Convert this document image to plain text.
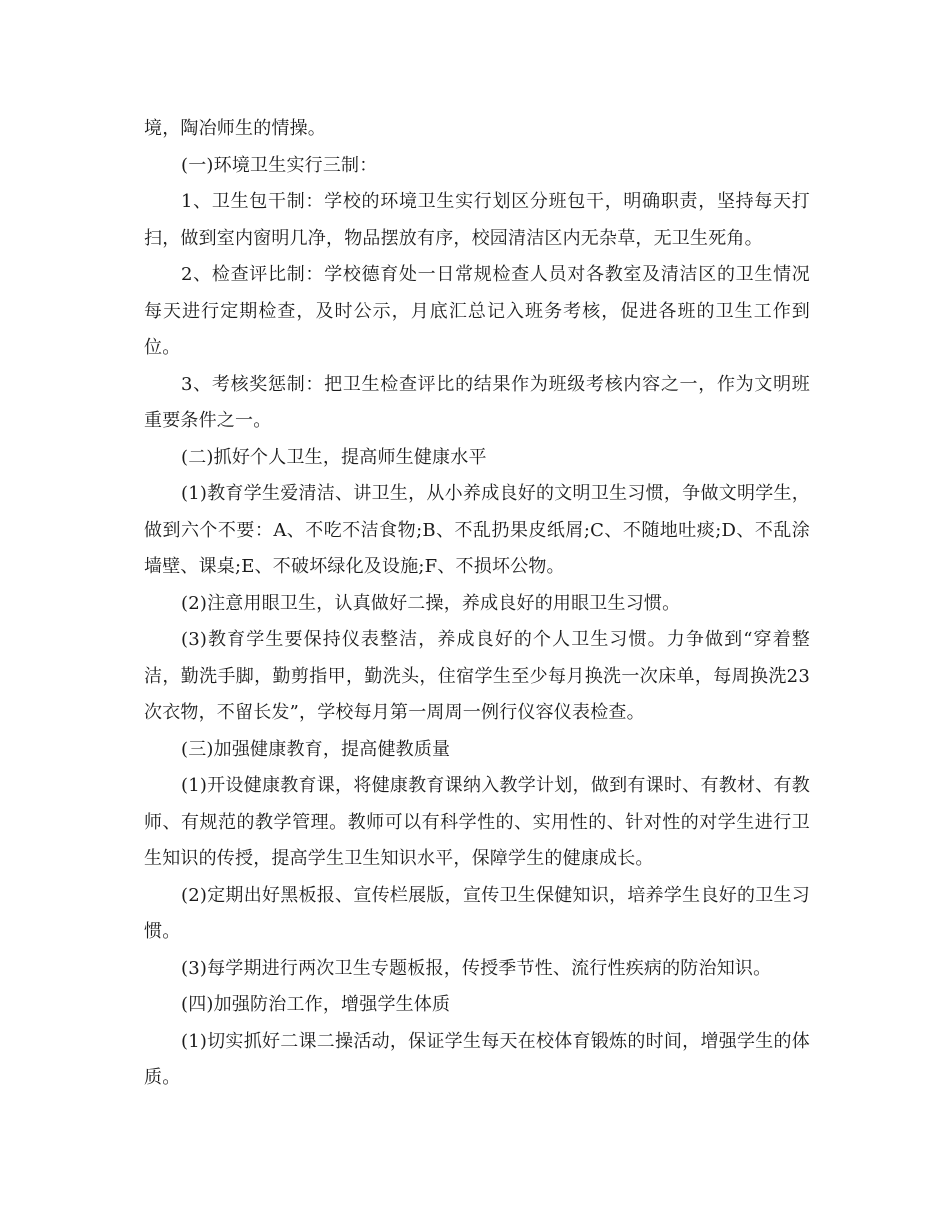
境，陶冶师生的情操。

(一)环境卫生实行三制：

1、卫生包干制：学校的环境卫生实行划区分班包干，明确职责，坚持每天打扫，做到室内窗明几净，物品摆放有序，校园清洁区内无杂草，无卫生死角。

2、检查评比制：学校德育处一日常规检查人员对各教室及清洁区的卫生情况每天进行定期检查，及时公示，月底汇总记入班务考核，促进各班的卫生工作到位。

3、考核奖惩制：把卫生检查评比的结果作为班级考核内容之一，作为文明班重要条件之一。

(二)抓好个人卫生，提高师生健康水平

(1)教育学生爱清洁、讲卫生，从小养成良好的文明卫生习惯，争做文明学生，做到六个不要：A、不吃不洁食物;B、不乱扔果皮纸屑;C、不随地吐痰;D、不乱涂墙壁、课桌;E、不破坏绿化及设施;F、不损坏公物。

(2)注意用眼卫生，认真做好二操，养成良好的用眼卫生习惯。

(3)教育学生要保持仪表整洁，养成良好的个人卫生习惯。力争做到“穿着整洁，勤洗手脚，勤剪指甲，勤洗头，住宿学生至少每月换洗一次床单，每周换洗23次衣物，不留长发”，学校每月第一周周一例行仪容仪表检查。

(三)加强健康教育，提高健教质量

(1)开设健康教育课，将健康教育课纳入教学计划，做到有课时、有教材、有教师、有规范的教学管理。教师可以有科学性的、实用性的、针对性的对学生进行卫生知识的传授，提高学生卫生知识水平，保障学生的健康成长。

(2)定期出好黑板报、宣传栏展版，宣传卫生保健知识，培养学生良好的卫生习惯。

(3)每学期进行两次卫生专题板报，传授季节性、流行性疾病的防治知识。

(四)加强防治工作，增强学生体质

(1)切实抓好二课二操活动，保证学生每天在校体育锻炼的时间，增强学生的体质。
